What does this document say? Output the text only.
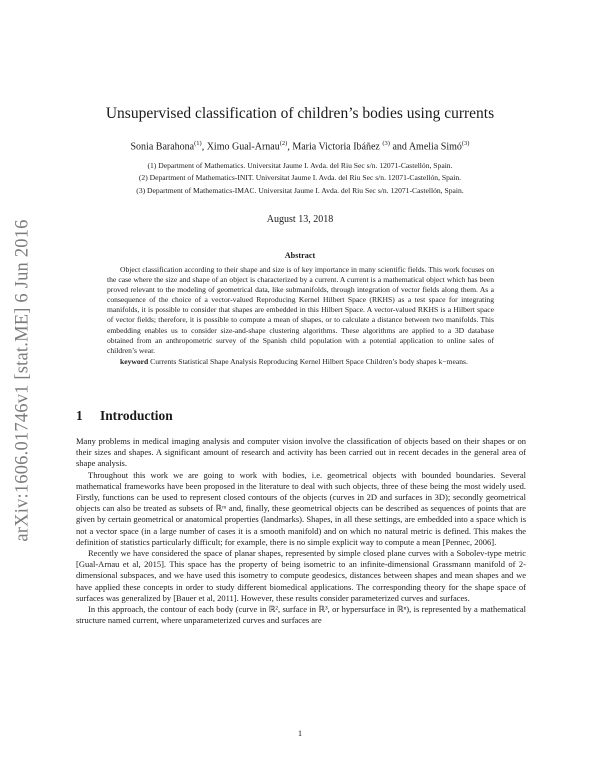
arXiv:1606.01746v1 [stat.ME] 6 Jun 2016
Unsupervised classification of children’s bodies using currents
Sonia Barahona$^{(1)}$, Ximo Gual-Arnau$^{(2)}$, Maria Victoria Ibáñez $^{(3)}$ and Amelia Simó$^{(3)}$
(1) Department of Mathematics. Universitat Jaume I. Avda. del Riu Sec s/n. 12071-Castellón, Spain.
(2) Department of Mathematics-INIT. Universitat Jaume I. Avda. del Riu Sec s/n. 12071-Castellón, Spain.
(3) Department of Mathematics-IMAC. Universitat Jaume I. Avda. del Riu Sec s/n. 12071-Castellón, Spain.
August 13, 2018
Abstract
Object classification according to their shape and size is of key importance in many scientific fields. This work focuses on the case where the size and shape of an object is characterized by a current. A current is a mathematical object which has been proved relevant to the modeling of geometrical data, like submanifolds, through integration of vector fields along them. As a consequence of the choice of a vector-valued Reproducing Kernel Hilbert Space (RKHS) as a test space for integrating manifolds, it is possible to consider that shapes are embedded in this Hilbert Space. A vector-valued RKHS is a Hilbert space of vector fields; therefore, it is possible to compute a mean of shapes, or to calculate a distance between two manifolds. This embedding enables us to consider size-and-shape clustering algorithms. These algorithms are applied to a 3D database obtained from an anthropometric survey of the Spanish child population with a potential application to online sales of children’s wear.
keyword Currents Statistical Shape Analysis Reproducing Kernel Hilbert Space Children’s body shapes k−means.
1 Introduction

Many problems in medical imaging analysis and computer vision involve the classification of objects based on their shapes or on their sizes and shapes. A significant amount of research and activity has been carried out in recent decades in the general area of shape analysis.

Throughout this work we are going to work with bodies, i.e. geometrical objects with bounded boundaries. Several mathematical frameworks have been proposed in the literature to deal with such objects, three of these being the most widely used. Firstly, functions can be used to represent closed contours of the objects (curves in 2D and surfaces in 3D); secondly geometrical objects can also be treated as subsets of ℝᵐ and, finally, these geometrical objects can be described as sequences of points that are given by certain geometrical or anatomical properties (landmarks). Shapes, in all these settings, are embedded into a space which is not a vector space (in a large number of cases it is a smooth manifold) and on which no natural metric is defined. This makes the definition of statistics particularly difficult; for example, there is no simple explicit way to compute a mean [Pennec, 2006].

Recently we have considered the space of planar shapes, represented by simple closed plane curves with a Sobolev-type metric [Gual-Arnau et al, 2015]. This space has the property of being isometric to an infinite-dimensional Grassmann manifold of 2-dimensional subspaces, and we have used this isometry to compute geodesics, distances between shapes and mean shapes and we have applied these concepts in order to study different biomedical applications. The corresponding theory for the shape space of surfaces was generalized by [Bauer et al, 2011]. However, these results consider parameterized curves and surfaces.

In this approach, the contour of each body (curve in ℝ², surface in ℝ³, or hypersurface in ℝⁿ), is represented by a mathematical structure named current, where unparameterized curves and surfaces are

1
